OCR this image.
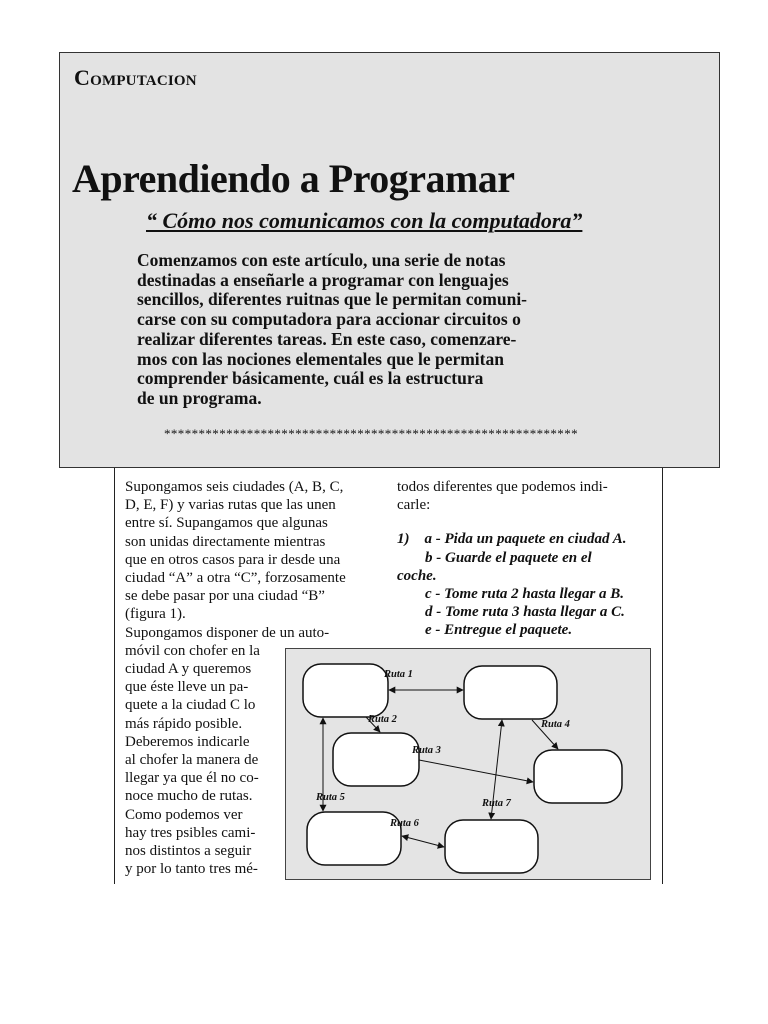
Computacion
Aprendiendo a Programar
“ Cómo nos comunicamos con la computadora”
Comenzamos con este artículo, una serie de notas
destinadas a enseñarle a programar con lenguajes
sencillos, diferentes ruitnas que le permitan comuni-
carse con su computadora para accionar circuitos o
realizar diferentes tareas. En este caso, comenzare-
mos con las nociones elementales que le permitan
comprender básicamente, cuál es la estructura
de un programa.
************************************************************

Supongamos seis ciudades (A, B, C,
D, E, F) y varias rutas que las unen
entre sí. Supangamos que algunas
son unidas directamente mientras
que en otros casos para ir desde una
ciudad “A” a otra “C”, forzosamente
se debe pasar por una ciudad “B”
(figura 1).

Supongamos disponer de un auto-
móvil con chofer en la
ciudad A y queremos
que éste lleve un pa-
quete a la ciudad C lo
más rápido posible.
Deberemos indicarle
al chofer la manera de
llegar ya que él no co-
noce mucho de rutas.
Como podemos ver
hay tres psibles cami-
nos distintos a seguir
y por lo tanto tres mé-

todos diferentes que podemos indi-
carle:

1)    a - Pida un paquete en ciudad A.
b - Guarde el paquete en el
coche.
c - Tome ruta 2 hasta llegar a B.
d - Tome ruta 3 hasta llegar a C.
e - Entregue el paquete.

Ruta 1
Ruta 2
Ruta 3
Ruta 4
Ruta 5
Ruta 6
Ruta 7
